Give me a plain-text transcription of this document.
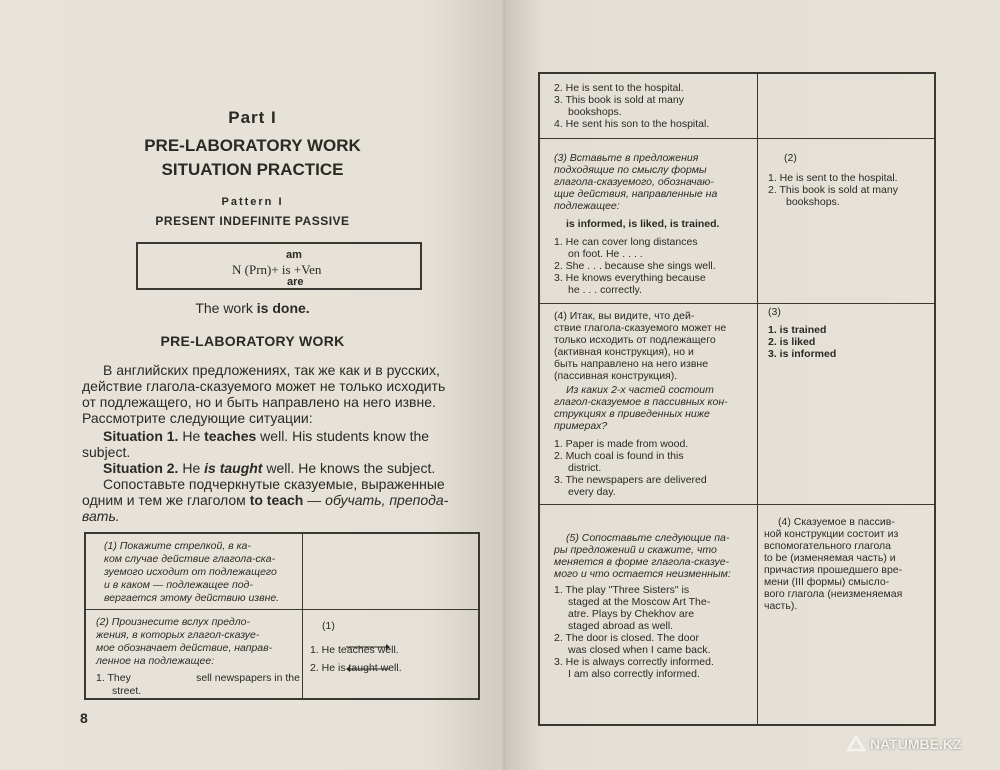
Part I
PRE-LABORATORY WORK
SITUATION PRACTICE
Pattern I
PRESENT INDEFINITE PASSIVE
am
N (Prn)+ is +Ven
are
The work is done.
PRE-LABORATORY WORK
В английских предложениях, так же как и в русских,
действие глагола-сказуемого может не только исходить
от подлежащего, но и быть направлено на него извне.
Рассмотрите следующие ситуации:
Situation 1. He teaches well. His students know the
subject.
Situation 2. He is taught well. He knows the subject.
Сопоставьте подчеркнутые сказуемые, выраженные
одним и тем же глаголом to teach — обучать, препода-
вать.
(1) Покажите стрелкой, в ка-
ком случае действие глагола-ска-
зуемого исходит от подлежащего
и в каком — подлежащее под-
вергается этому действию извне.
(2) Произнесите вслух предло-
жения, в которых глагол-сказуе-
мое обозначает действие, направ-
ленное на подлежащее:
1. They	sell newspapers in the
street.
(1)
1. He teaches well.
2. He is taught well.
8
2. He is sent to the hospital.
3. This book is sold at many
bookshops.
4. He sent his son to the hospital.
(3) Вставьте в предложения
подходящие по смыслу формы
глагола-сказуемого, обозначаю-
щие действия, направленные на
подлежащее:
is informed, is liked, is trained.
1. He can cover long distances
on foot. He . . . .
2. She . . . because she sings well.
3. He knows everything because
he . . . correctly.
(2)
1. He is sent to the hospital.
2. This book is sold at many
bookshops.
(4) Итак, вы видите, что дей-
ствие глагола-сказуемого может не
только исходить от подлежащего
(активная конструкция), но и
быть направлено на него извне
(пассивная конструкция).
Из каких 2-х частей состоит
глагол-сказуемое в пассивных кон-
струкциях в приведенных ниже
примерах?
1. Paper is made from wood.
2. Much coal is found in this
district.
3. The newspapers are delivered
every day.
(3)
1. is trained
2. is liked
3. is informed
(5) Сопоставьте следующие па-
ры предложений и скажите, что
меняется в форме глагола-сказуе-
мого и что остается неизменным:
1. The play "Three Sisters" is
staged at the Moscow Art The-
atre. Plays by Chekhov are
staged abroad as well.
2. The door is closed. The door
was closed when I came back.
3. He is always correctly informed.
I am also correctly informed.
(4) Сказуемое в пассив-
ной конструкции состоит из
вспомогательного глагола
to be (изменяемая часть) и
причастия прошедшего вре-
мени (III формы) смысло-
вого глагола (неизменяемая
часть).
NATUMBE.KZ
